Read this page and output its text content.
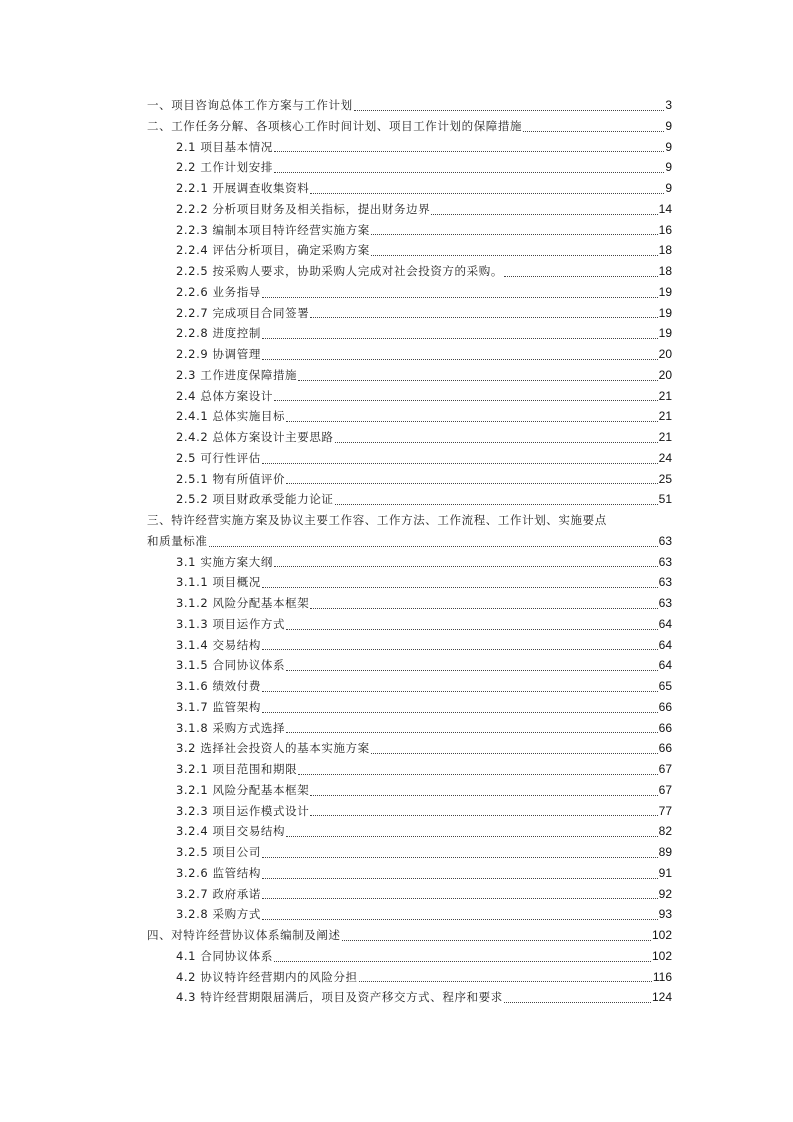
一、项目咨询总体工作方案与工作计划	3
二、工作任务分解、各项核心工作时间计划、项目工作计划的保障措施	9
2.1 项目基本情况	9
2.2 工作计划安排	9
2.2.1 开展调查收集资料	9
2.2.2 分析项目财务及相关指标，提出财务边界	14
2.2.3 编制本项目特许经营实施方案	16
2.2.4 评估分析项目，确定采购方案	18
2.2.5 按采购人要求，协助采购人完成对社会投资方的采购。	18
2.2.6 业务指导	19
2.2.7 完成项目合同签署	19
2.2.8 进度控制	19
2.2.9 协调管理	20
2.3 工作进度保障措施	20
2.4 总体方案设计	21
2.4.1 总体实施目标	21
2.4.2 总体方案设计主要思路	21
2.5 可行性评估	24
2.5.1 物有所值评价	25
2.5.2 项目财政承受能力论证	51
三、特许经营实施方案及协议主要工作容、工作方法、工作流程、工作计划、实施要点
和质量标准	63
3.1 实施方案大纲	63
3.1.1 项目概况	63
3.1.2 风险分配基本框架	63
3.1.3 项目运作方式	64
3.1.4 交易结构	64
3.1.5 合同协议体系	64
3.1.6 绩效付费	65
3.1.7 监管架构	66
3.1.8 采购方式选择	66
3.2 选择社会投资人的基本实施方案	66
3.2.1 项目范围和期限	67
3.2.1 风险分配基本框架	67
3.2.3 项目运作模式设计	77
3.2.4 项目交易结构	82
3.2.5 项目公司	89
3.2.6 监管结构	91
3.2.7 政府承诺	92
3.2.8 采购方式	93
四、对特许经营协议体系编制及阐述	102
4.1 合同协议体系	102
4.2 协议特许经营期内的风险分担	116
4.3 特许经营期限届满后，项目及资产移交方式、程序和要求	124
